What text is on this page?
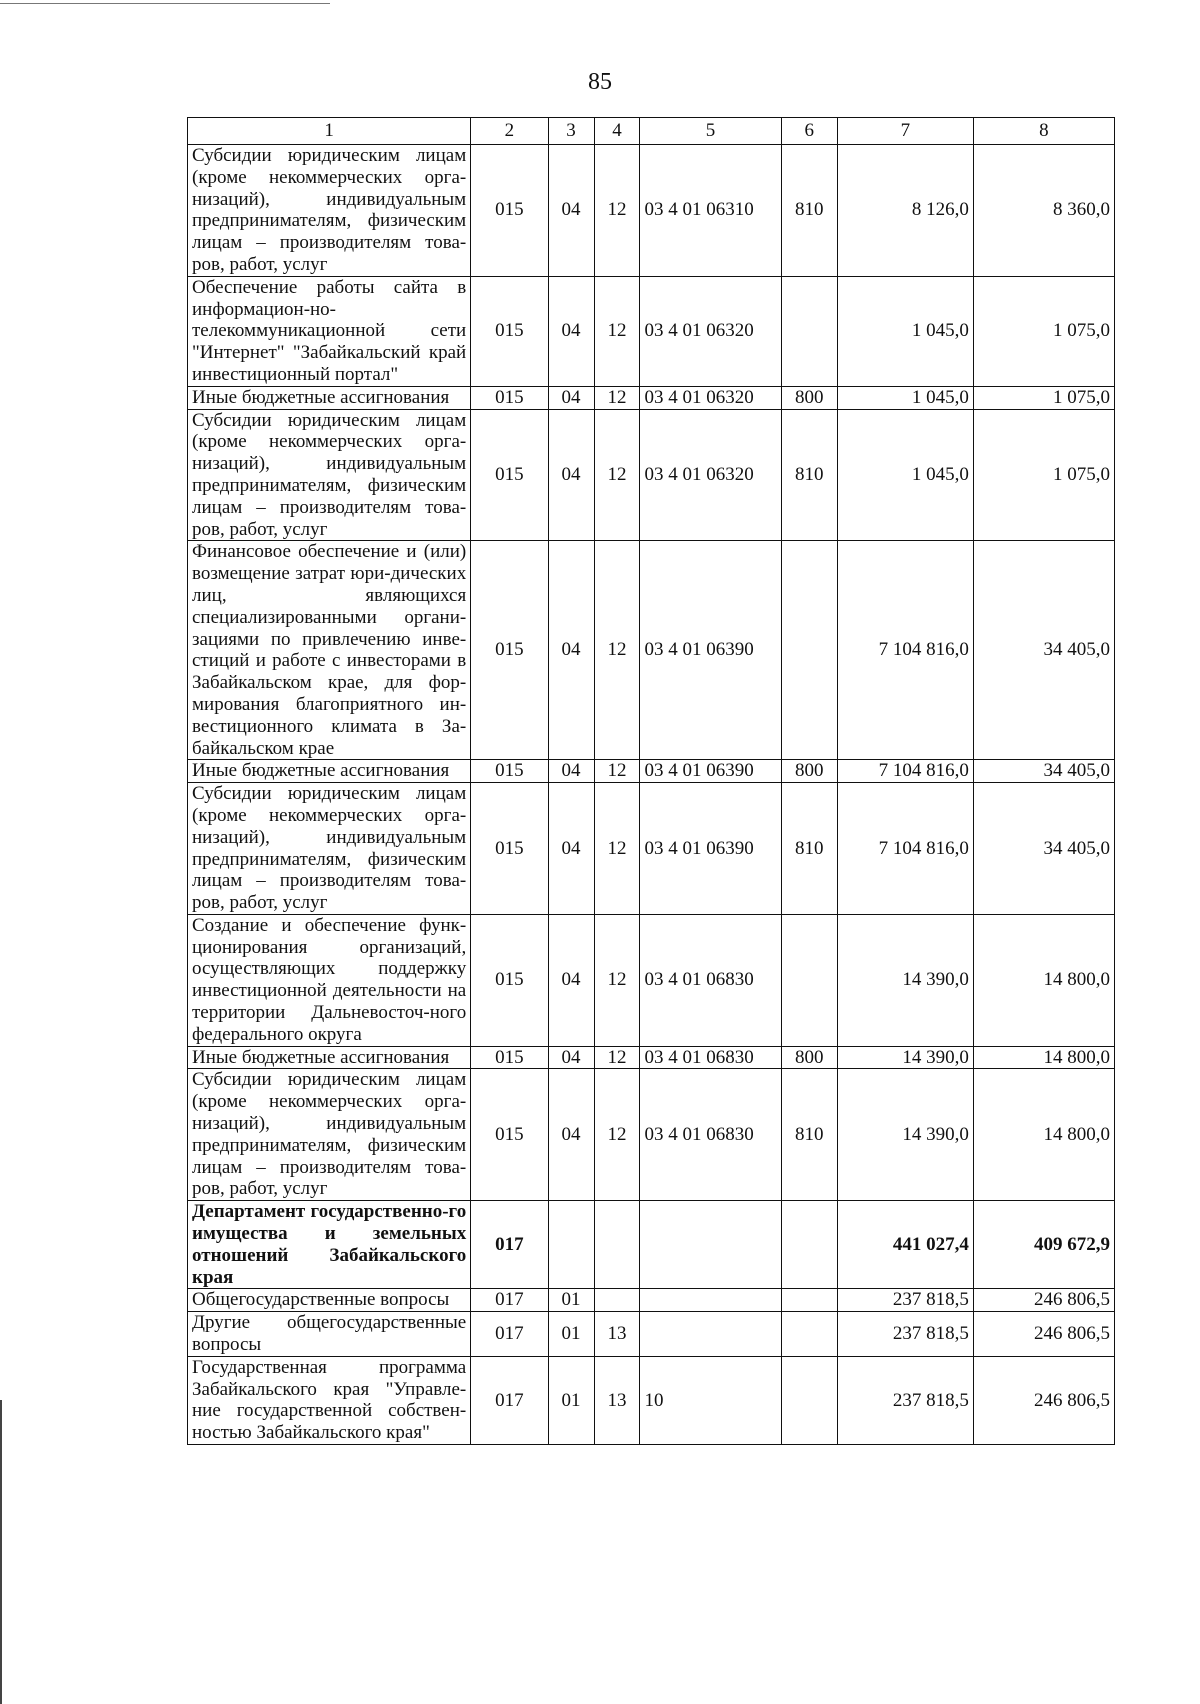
85
1	2	3	4	5	6	7	8
Субсидии юридическим лицам (кроме некоммерческих орга-низаций), индивидуальным предпринимателям, физическим лицам – производителям това-ров, работ, услуг	015	04	12	03 4 01 06310	810	8 126,0	8 360,0
Обеспечение работы сайта в информацион-но-телекоммуникационной сети "Интернет" "Забайкальский край инвестиционный портал"	015	04	12	03 4 01 06320		1 045,0	1 075,0
Иные бюджетные ассигнования	015	04	12	03 4 01 06320	800	1 045,0	1 075,0
Субсидии юридическим лицам (кроме некоммерческих орга-низаций), индивидуальным предпринимателям, физическим лицам – производителям това-ров, работ, услуг	015	04	12	03 4 01 06320	810	1 045,0	1 075,0
Финансовое обеспечение и (или) возмещение затрат юри-дических лиц, являющихся специализированными органи-зациями по привлечению инве-стиций и работе с инвесторами в Забайкальском крае, для фор-мирования благоприятного ин-вестиционного климата в За-байкальском крае	015	04	12	03 4 01 06390		7 104 816,0	34 405,0
Иные бюджетные ассигнования	015	04	12	03 4 01 06390	800	7 104 816,0	34 405,0
Субсидии юридическим лицам (кроме некоммерческих орга-низаций), индивидуальным предпринимателям, физическим лицам – производителям това-ров, работ, услуг	015	04	12	03 4 01 06390	810	7 104 816,0	34 405,0
Создание и обеспечение функ-ционирования организаций, осуществляющих поддержку инвестиционной деятельности на территории Дальневосточ-ного федерального округа	015	04	12	03 4 01 06830		14 390,0	14 800,0
Иные бюджетные ассигнования	015	04	12	03 4 01 06830	800	14 390,0	14 800,0
Субсидии юридическим лицам (кроме некоммерческих орга-низаций), индивидуальным предпринимателям, физическим лицам – производителям това-ров, работ, услуг	015	04	12	03 4 01 06830	810	14 390,0	14 800,0
Департамент государственно-го имущества и земельных отношений Забайкальского края	017					441 027,4	409 672,9
Общегосударственные вопросы	017	01				237 818,5	246 806,5
Другие общегосударственные вопросы	017	01	13			237 818,5	246 806,5
Государственная программа Забайкальского края "Управле-ние государственной собствен-ностью Забайкальского края"	017	01	13	10		237 818,5	246 806,5
